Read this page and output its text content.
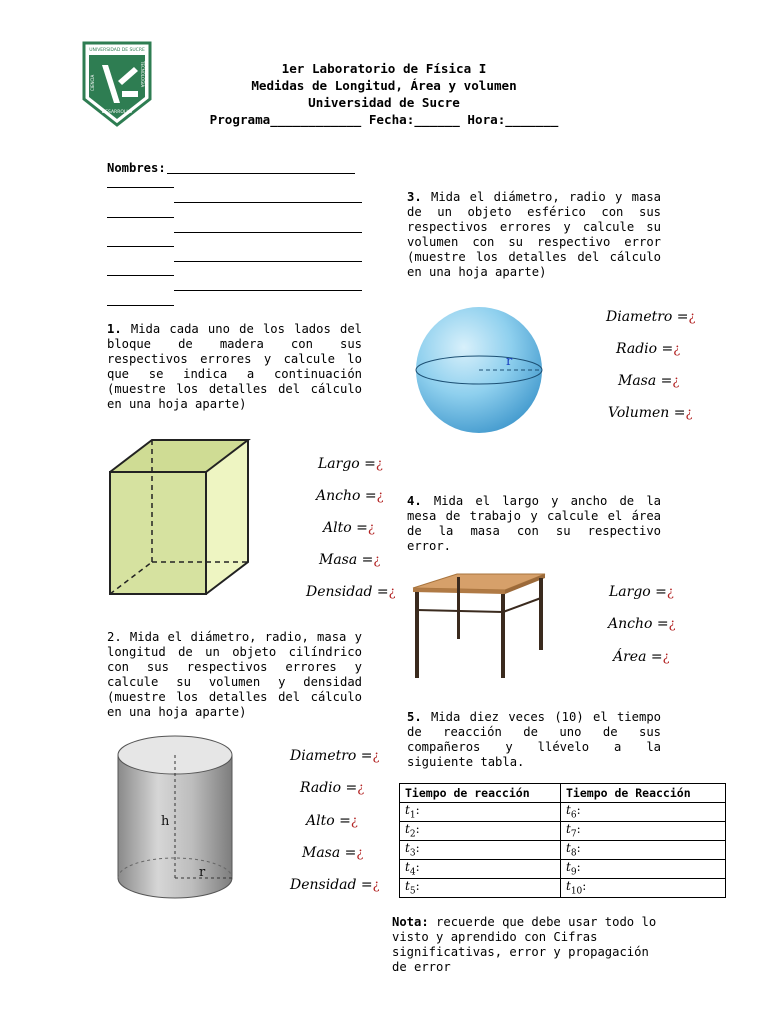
UNIVERSIDAD DE SUCRE
DESARROLLO
CIENCIA	TECNOLOGIA	1er Laboratorio de Física I
Medidas de Longitud, Área y volumen
Universidad de Sucre
Programa____________ Fecha:______ Hora:_______
Nombres:
1. Mida cada uno de los lados del bloque de madera con sus respectivos errores y calcule lo que se indica a continuación (muestre los detalles del cálculo en una hoja aparte)
Largo =¿
Ancho =¿
Alto =¿
Masa =¿
Densidad =¿
2. Mida el diámetro, radio, masa y longitud de un objeto cilíndrico con sus respectivos errores y calcule su volumen y densidad (muestre los detalles del cálculo en una hoja aparte)
h
r
Diametro =¿
Radio =¿
Alto =¿
Masa =¿
Densidad =¿
3. Mida el diámetro, radio y masa de un objeto esférico con sus respectivos errores y calcule su volumen con su respectivo error (muestre los detalles del cálculo en una hoja aparte)
r
Diametro =¿
Radio =¿
Masa =¿
Volumen =¿
4. Mida el largo y ancho de la mesa de trabajo y calcule el área de la masa con su respectivo error.
Largo =¿
Ancho =¿
Área =¿
5. Mida diez veces (10) el tiempo de reacción de uno de sus compañeros y llévelo a la siguiente tabla.
Tiempo de reacción	Tiempo de Reacción
$t_1$:	$t_6$:
$t_2$:	$t_7$:
$t_3$:	$t_8$:
$t_4$:	$t_9$:
$t_5$:	$t_{10}$:
Nota: recuerde que debe usar todo lo visto y aprendido con Cifras significativas, error y propagación de error
